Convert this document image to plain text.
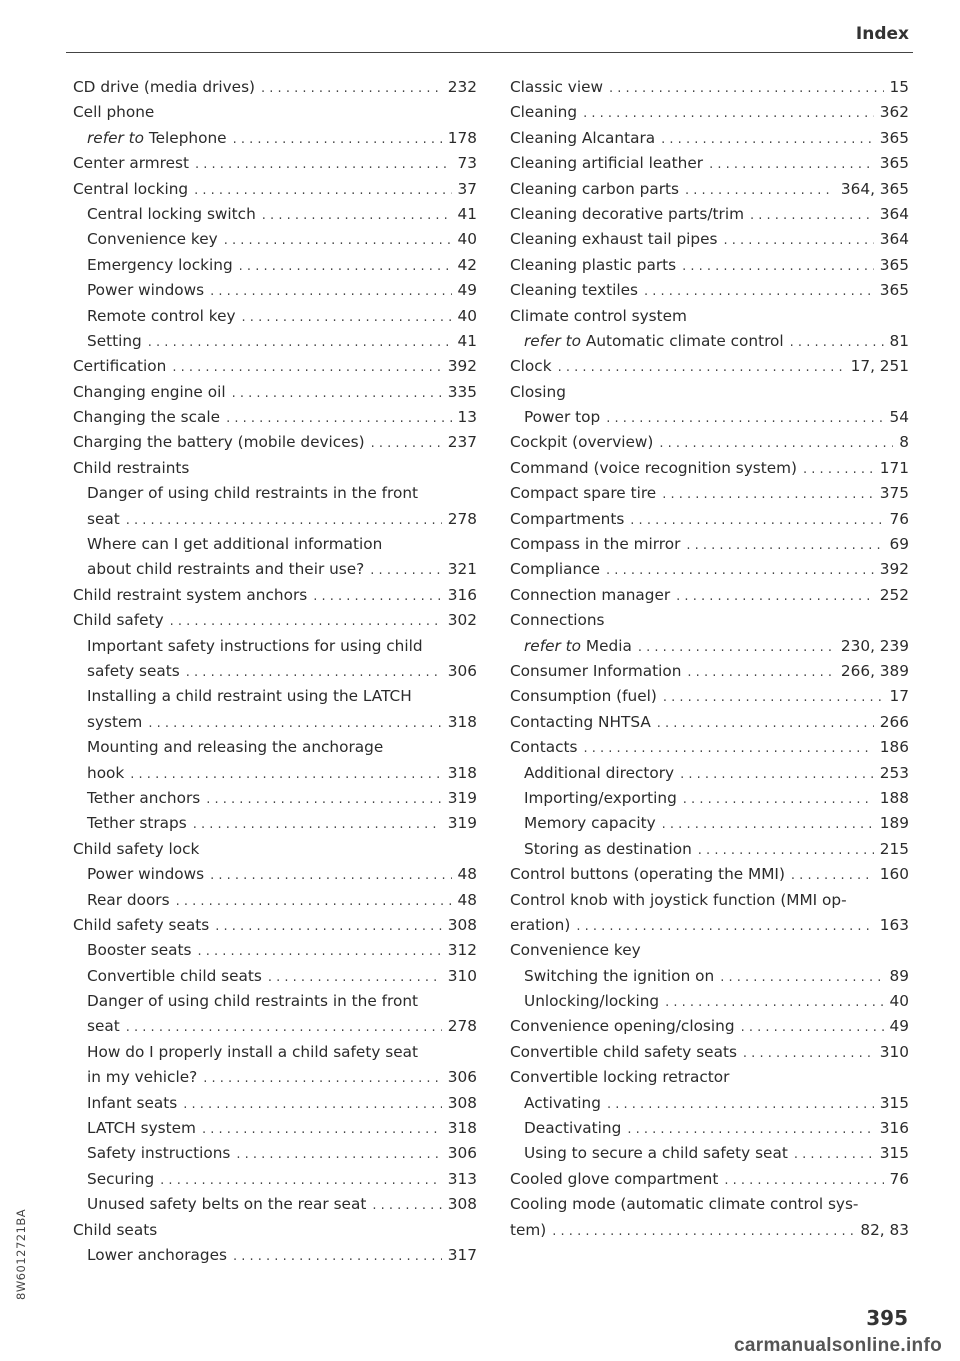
Index
CD drive (media drives) . . .	232
Cell phone
refer to Telephone . . .	178
Center armrest . . .	73
Central locking . . .	37
Central locking switch . . .	41
Convenience key . . .	40
Emergency locking . . .	42
Power windows . . .	49
Remote control key . . .	40
Setting . . .	41
Certification . . .	392
Changing engine oil . . .	335
Changing the scale . . .	13
Charging the battery (mobile devices) . . .	237
Child restraints
Danger of using child restraints in the front
seat . . .	278
Where can I get additional information
about child restraints and their use? . . .	321
Child restraint system anchors . . .	316
Child safety . . .	302
Important safety instructions for using child
safety seats . . .	306
Installing a child restraint using the LATCH
system . . .	318
Mounting and releasing the anchorage
hook . . .	318
Tether anchors . . .	319
Tether straps . . .	319
Child safety lock
Power windows . . .	48
Rear doors . . .	48
Child safety seats . . .	308
Booster seats . . .	312
Convertible child seats . . .	310
Danger of using child restraints in the front
seat . . .	278
How do I properly install a child safety seat
in my vehicle? . . .	306
Infant seats . . .	308
LATCH system . . .	318
Safety instructions . . .	306
Securing . . .	313
Unused safety belts on the rear seat . . .	308
Child seats
Lower anchorages . . .	317
Classic view . . .	15
Cleaning . . .	362
Cleaning Alcantara . . .	365
Cleaning artificial leather . . .	365
Cleaning carbon parts . . .	364, 365
Cleaning decorative parts/trim . . .	364
Cleaning exhaust tail pipes . . .	364
Cleaning plastic parts . . .	365
Cleaning textiles . . .	365
Climate control system
refer to Automatic climate control . . .	81
Clock . . .	17, 251
Closing
Power top . . .	54
Cockpit (overview) . . .	8
Command (voice recognition system) . . .	171
Compact spare tire . . .	375
Compartments . . .	76
Compass in the mirror . . .	69
Compliance . . .	392
Connection manager . . .	252
Connections
refer to Media . . .	230, 239
Consumer Information . . .	266, 389
Consumption (fuel) . . .	17
Contacting NHTSA . . .	266
Contacts . . .	186
Additional directory . . .	253
Importing/exporting . . .	188
Memory capacity . . .	189
Storing as destination . . .	215
Control buttons (operating the MMI) . . .	160
Control knob with joystick function (MMI op-
eration) . . .	163
Convenience key
Switching the ignition on . . .	89
Unlocking/locking . . .	40
Convenience opening/closing . . .	49
Convertible child safety seats . . .	310
Convertible locking retractor
Activating . . .	315
Deactivating . . .	316
Using to secure a child safety seat . . .	315
Cooled glove compartment . . .	76
Cooling mode (automatic climate control sys-
tem) . . .	82, 83
8W6012721BA
395
carmanualsonline.info
